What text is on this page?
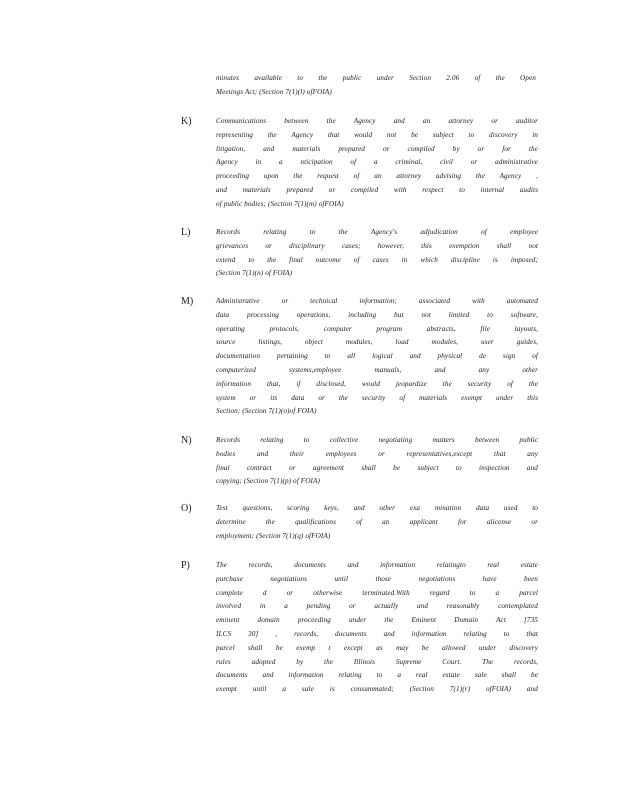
minutes available to the public under Section 2.06 of the Open
Meetings Act; (Section 7(1)(l) ofFOIA)
K)	Communications between the Agency and an attorney or auditor
representing the Agency that would not be subject to discovery in
litigation, and materials prepared or compiled by or for the
Agency in a nticipation of a criminal, civil or administrative
proceeding upon the request of an attorney advising the Agency ,
and materials prepared or compiled with respect to internal audits
of public bodies; (Section 7(1)(m) ofFOIA)
L)	Records relating to the Agency's adjudication of employee
grievances or disciplinary cases; however, this exemption shall not
extend to the final outcome of cases in which discipline is imposed;
(Section 7(1)(n) of FOIA)
M)	Administrative or technical information; associated with automated
data processing operations, including but not limited to software,
operating protocols, computer program abstracts, file layouts,
source listings, object modules, load modules, user guides,
documentation pertaining to all logical and physical de sign of
computerized systems,employee manuals, and any other
information that, if disclosed, would jeopardize the security of the
system or its data or the security of materials exempt under this
Section; (Section 7(1)(o)of FOIA)
N)	Records relating to collective negotiating matters between public
bodies and their employees or representatives,except that any
final contract or agreement shall be subject to inspection and
copying; (Section 7(1)(p) of FOIA)
O)	Test questions, scoring keys, and other exa mination data used to
determine the qualifications of an applicant for alicense or
employment; (Section 7(1)(q) ofFOIA)
P)	The records, documents and information relatingto real estate
purchase negotiations until those negotiations have been
complete d or otherwise terminated.With regard to a parcel
involved in a pending or actually and reasonably contemplated
eminent domain proceeding under the Eminent Domain Act [735
ILCS 30] , records, documents and information relating to that
parcel shall be exemp t except as may be allowed under discovery
rules adopted by the Illinois Supreme Court. The records,
documents and information relating to a real estate sale shall be
exempt until a sale is consummated; (Section 7(1)(r) ofFOIA) and
